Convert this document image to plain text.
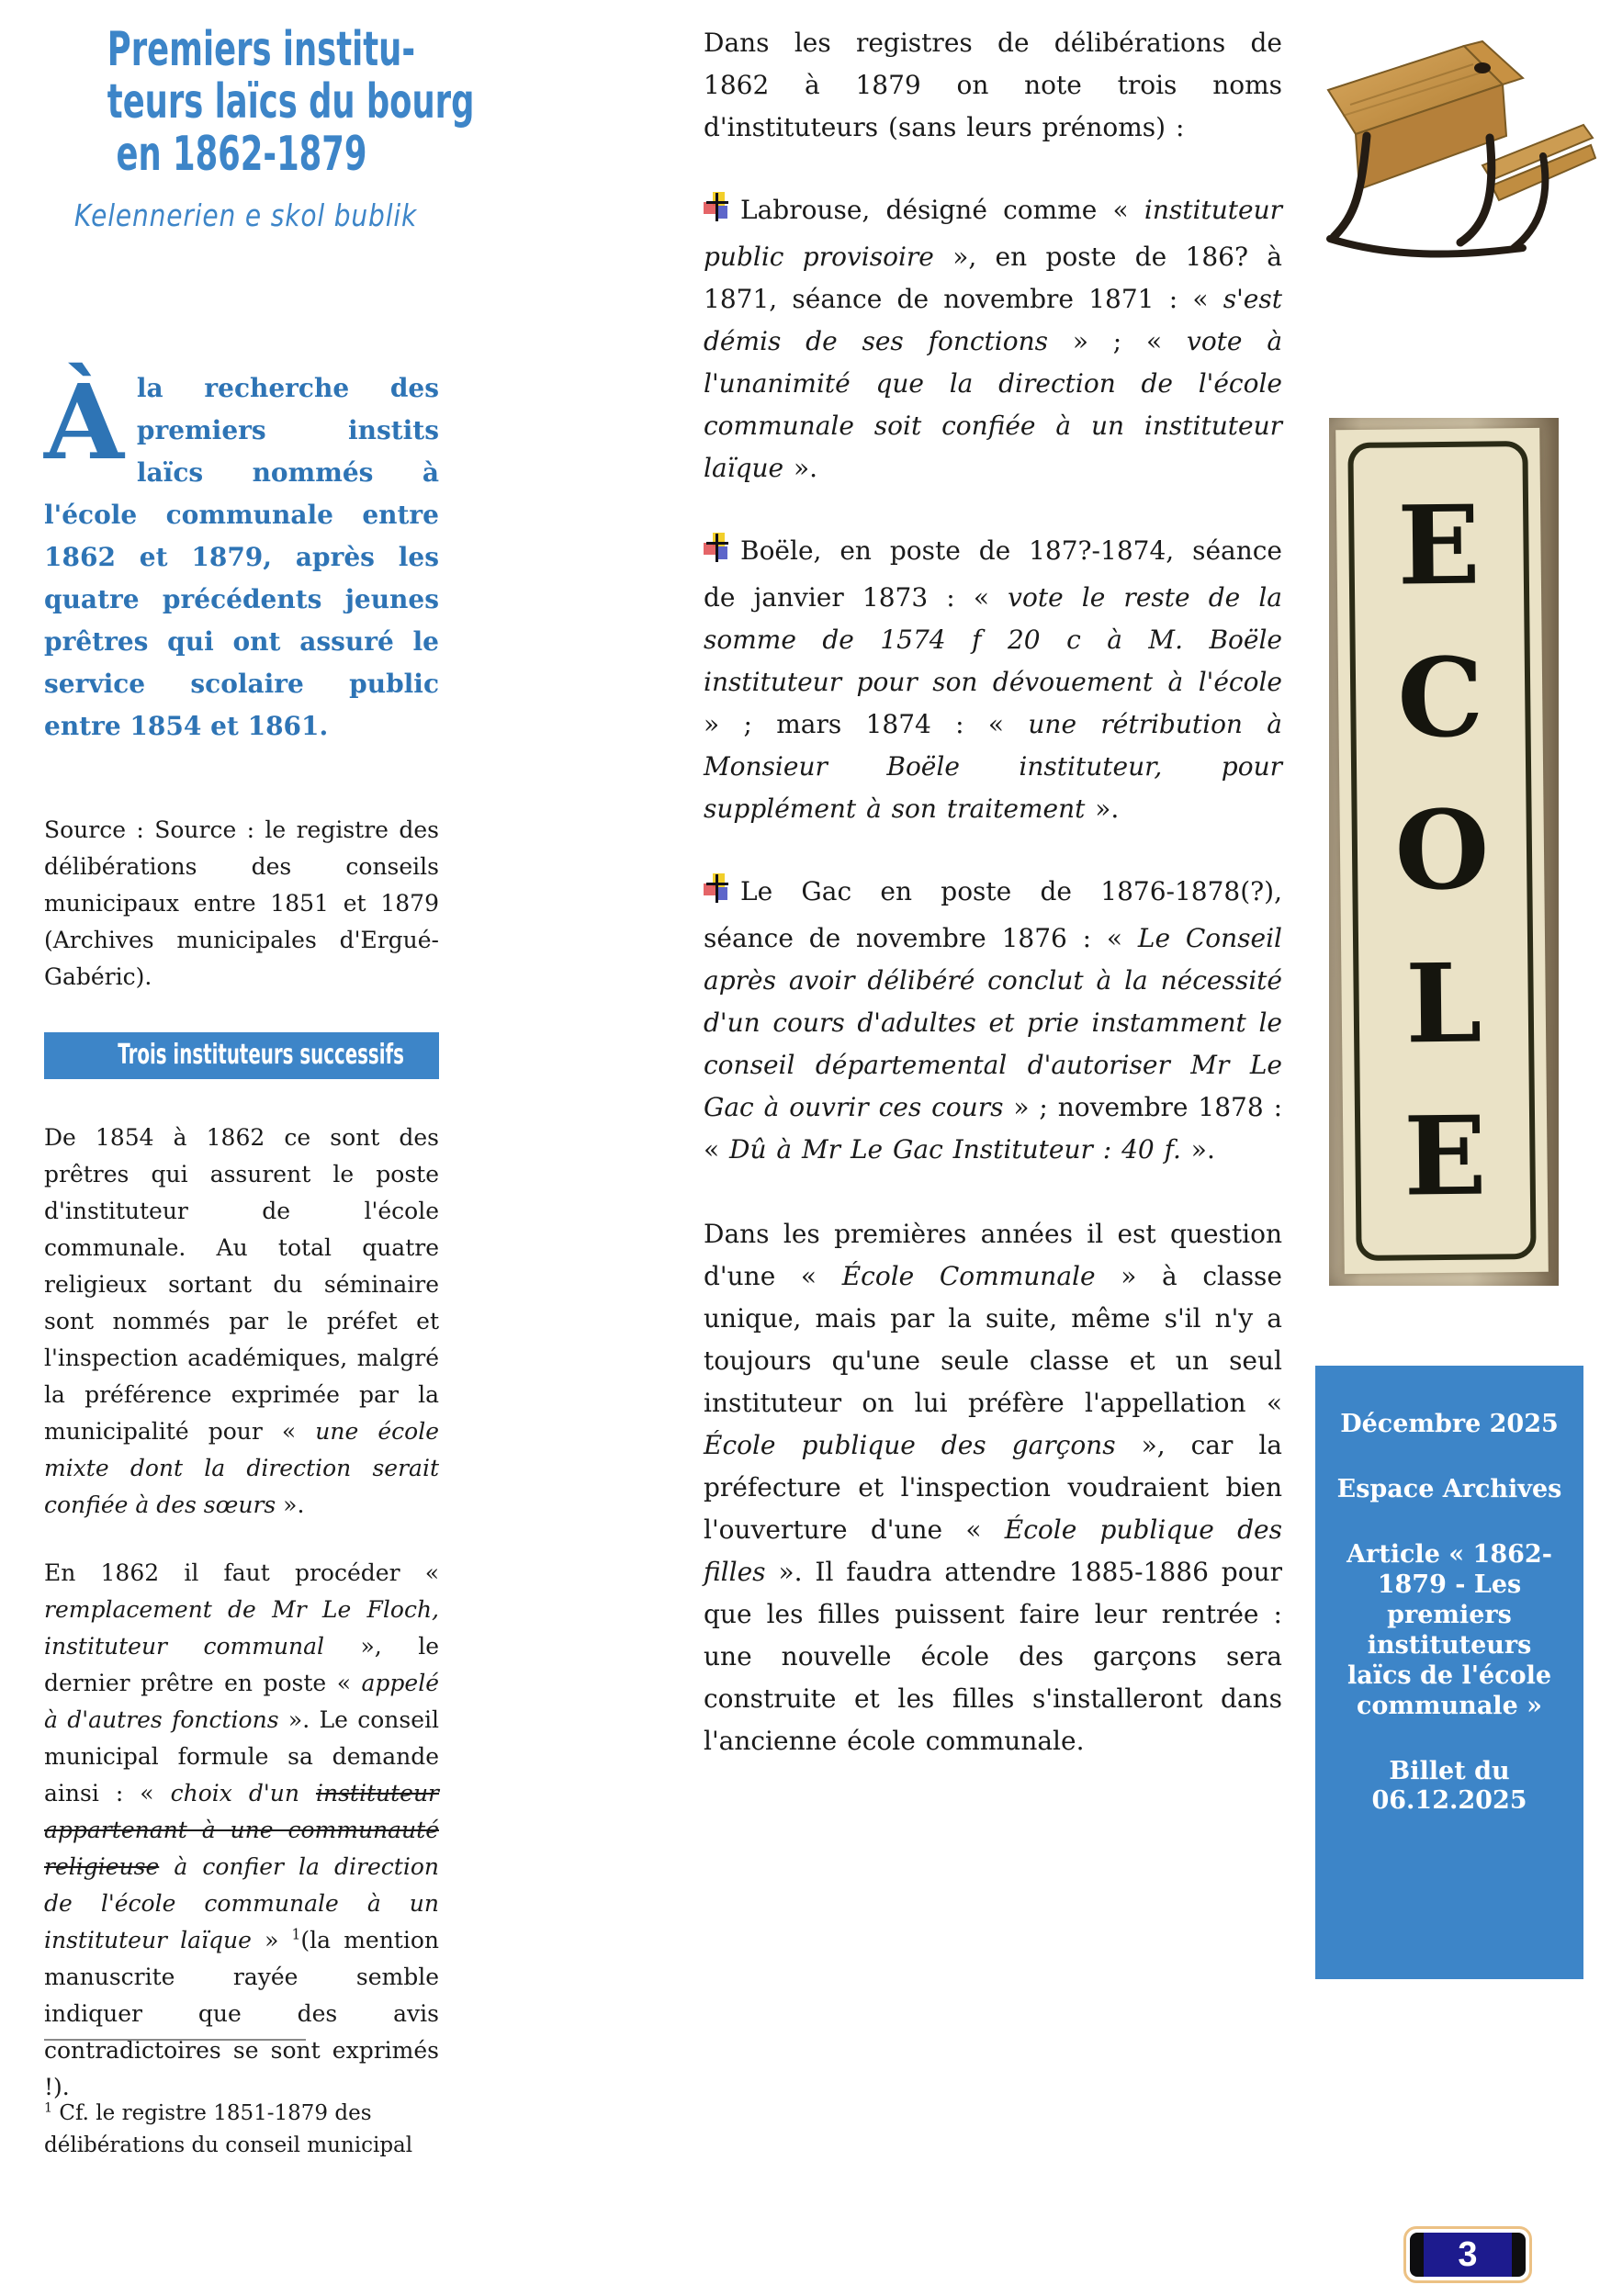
Premiers institu-
teurs laïcs du bourg
en 1862-1879
Kelennerien e skol bublik

Àla recherche des premiers instits laïcs nommés à l'école communale entre 1862 et 1879, après les quatre précédents jeunes prêtres qui ont assuré le service scolaire public entre 1854 et 1861.

Source : Source : le registre des délibérations des conseils municipaux entre 1851 et 1879 (Archives municipales d'Ergué-Gabéric).

Trois instituteurs successifs

De 1854 à 1862 ce sont des prêtres qui assurent le poste d'instituteur de l'école communale. Au total quatre religieux sortant du séminaire sont nommés par le préfet et l'inspection académiques, malgré la préférence exprimée par la municipalité pour « une école mixte dont la direction serait confiée à des sœurs ».

En 1862 il faut procéder « remplacement de Mr Le Floch, instituteur communal », le dernier prêtre en poste « appelé à d'autres fonctions ». Le conseil municipal formule sa demande ainsi : « choix d'un instituteur appartenant à une communauté religieuse à confier la direction de l'école communale à un instituteur laïque » $^1$(la mention manuscrite rayée semble indiquer que des avis contradictoires se sont exprimés !).

$^1$ Cf. le registre 1851-1879 des délibérations du conseil municipal

Dans les registres de délibérations de 1862 à 1879 on note trois noms d'instituteurs (sans leurs prénoms) :

Labrouse, désigné comme « instituteur public provisoire », en poste de 186? à 1871, séance de novembre 1871 : « s'est démis de ses fonctions » ; « vote à l'unanimité que la direction de l'école communale soit confiée à un instituteur laïque ».

Boële, en poste de 187?-1874, séance de janvier 1873 : « vote le reste de la somme de 1574 f 20 c à M. Boële instituteur pour son dévouement à l'école » ; mars 1874 : « une rétribution à Monsieur Boële instituteur, pour supplément à son traitement ».

Le Gac en poste de 1876-1878(?), séance de novembre 1876 : « Le Conseil après avoir délibéré conclut à la nécessité d'un cours d'adultes et prie instamment le conseil départemental d'autoriser Mr Le Gac à ouvrir ces cours » ; novembre 1878 : « Dû à Mr Le Gac Instituteur : 40 f. ».

Dans les premières années il est question d'une « École Communale » à classe unique, mais par la suite, même s'il n'y a toujours qu'une seule classe et un seul instituteur on lui préfère l'appellation « École publique des garçons », car la préfecture et l'inspection voudraient bien l'ouverture d'une « École publique des filles ». Il faudra attendre 1885-1886 pour que les filles puissent faire leur rentrée : une nouvelle école des garçons sera construite et les filles s'installeront dans l'ancienne école communale.

E
C
O
L
E

Décembre 2025

Espace Archives

Article « 1862-1879 - Les premiers instituteurs laïcs de l'école communale »

Billet du 06.12.2025

3
